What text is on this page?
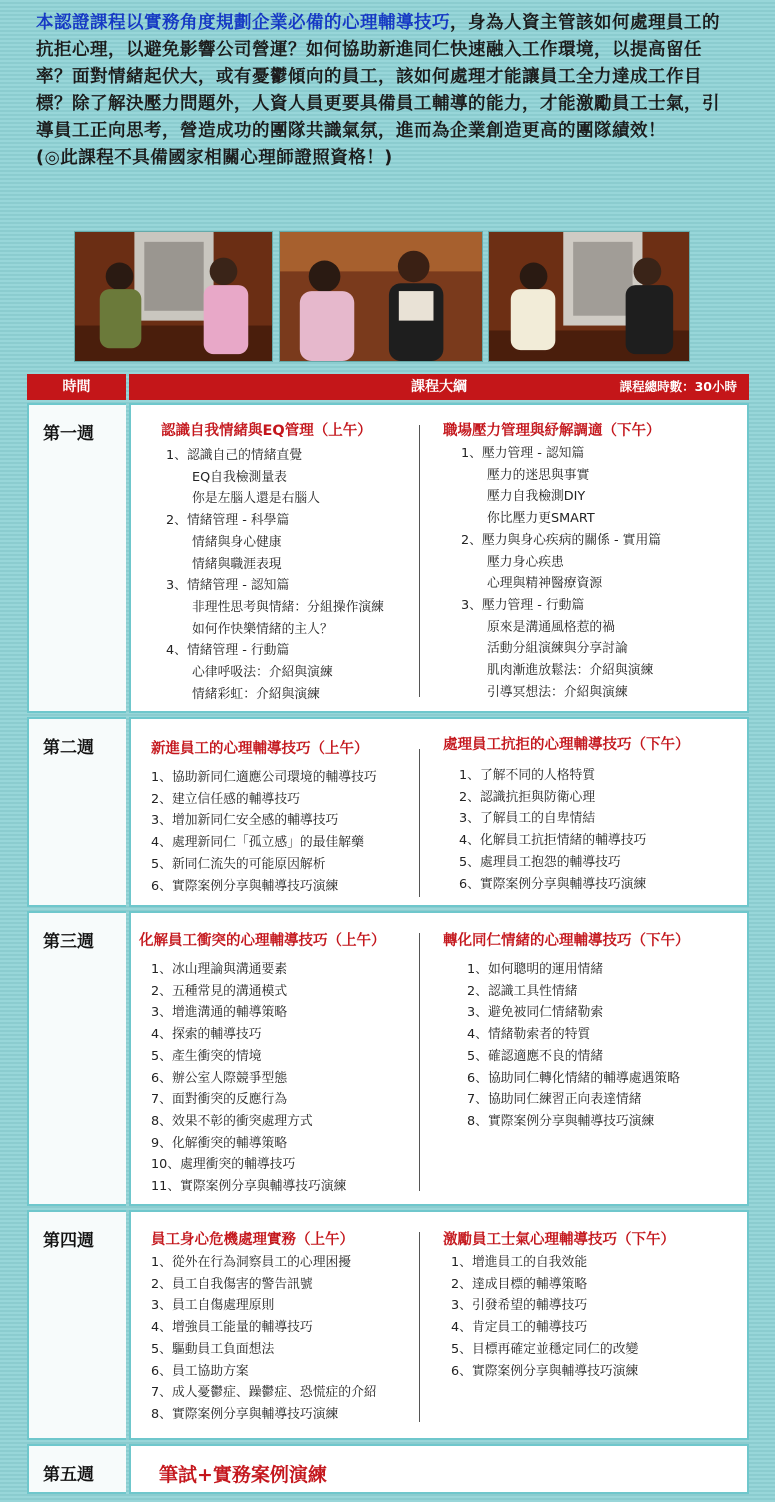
本認證課程以實務角度規劃企業必備的心理輔導技巧，身為人資主管該如何處理員工的抗拒心理，以避免影響公司營運？如何協助新進同仁快速融入工作環境，以提高留任率？面對情緒起伏大，或有憂鬱傾向的員工，該如何處理才能讓員工全力達成工作目標？除了解決壓力問題外，人資人員更要具備員工輔導的能力，才能激勵員工士氣，引導員工正向思考，營造成功的團隊共識氣氛，進而為企業創造更高的團隊績效！
(◎此課程不具備國家相關心理師證照資格！)
時間	課程大綱	課程總時數：30小時
第一週	認識自我情緒與EQ管理（上午）
1、認識自己的情緒直覺
EQ自我檢測量表
你是左腦人還是右腦人
2、情緒管理 - 科學篇
情緒與身心健康
情緒與職涯表現
3、情緒管理 - 認知篇
非理性思考與情緒：分組操作演練
如何作快樂情緒的主人？
4、情緒管理 - 行動篇
心律呼吸法：介紹與演練
情緒彩虹：介紹與演練
職場壓力管理與紓解調適（下午）
1、壓力管理 - 認知篇
壓力的迷思與事實
壓力自我檢測DIY
你比壓力更SMART
2、壓力與身心疾病的關係 - 實用篇
壓力身心疾患
心理與精神醫療資源
3、壓力管理 - 行動篇
原來是溝通風格惹的禍
活動分組演練與分享討論
肌肉漸進放鬆法：介紹與演練
引導冥想法：介紹與演練
第二週	新進員工的心理輔導技巧（上午）
1、協助新同仁適應公司環境的輔導技巧
2、建立信任感的輔導技巧
3、增加新同仁安全感的輔導技巧
4、處理新同仁「孤立感」的最佳解藥
5、新同仁流失的可能原因解析
6、實際案例分享與輔導技巧演練
處理員工抗拒的心理輔導技巧（下午）
1、了解不同的人格特質
2、認識抗拒與防衛心理
3、了解員工的自卑情結
4、化解員工抗拒情緒的輔導技巧
5、處理員工抱怨的輔導技巧
6、實際案例分享與輔導技巧演練
第三週	化解員工衝突的心理輔導技巧（上午）
1、冰山理論與溝通要素
2、五種常見的溝通模式
3、增進溝通的輔導策略
4、探索的輔導技巧
5、產生衝突的情境
6、辦公室人際競爭型態
7、面對衝突的反應行為
8、效果不彰的衝突處理方式
9、化解衝突的輔導策略
10、處理衝突的輔導技巧
11、實際案例分享與輔導技巧演練
轉化同仁情緒的心理輔導技巧（下午）
1、如何聰明的運用情緒
2、認識工具性情緒
3、避免被同仁情緒勒索
4、情緒勒索者的特質
5、確認適應不良的情緒
6、協助同仁轉化情緒的輔導處遇策略
7、協助同仁練習正向表達情緒
8、實際案例分享與輔導技巧演練
第四週	員工身心危機處理實務（上午）
1、從外在行為洞察員工的心理困擾
2、員工自我傷害的警告訊號
3、員工自傷處理原則
4、增強員工能量的輔導技巧
5、驅動員工負面想法
6、員工協助方案
7、成人憂鬱症、躁鬱症、恐慌症的介紹
8、實際案例分享與輔導技巧演練
激勵員工士氣心理輔導技巧（下午）
1、增進員工的自我效能
2、達成目標的輔導策略
3、引發希望的輔導技巧
4、肯定員工的輔導技巧
5、目標再確定並穩定同仁的改變
6、實際案例分享與輔導技巧演練
第五週	筆試+實務案例演練
